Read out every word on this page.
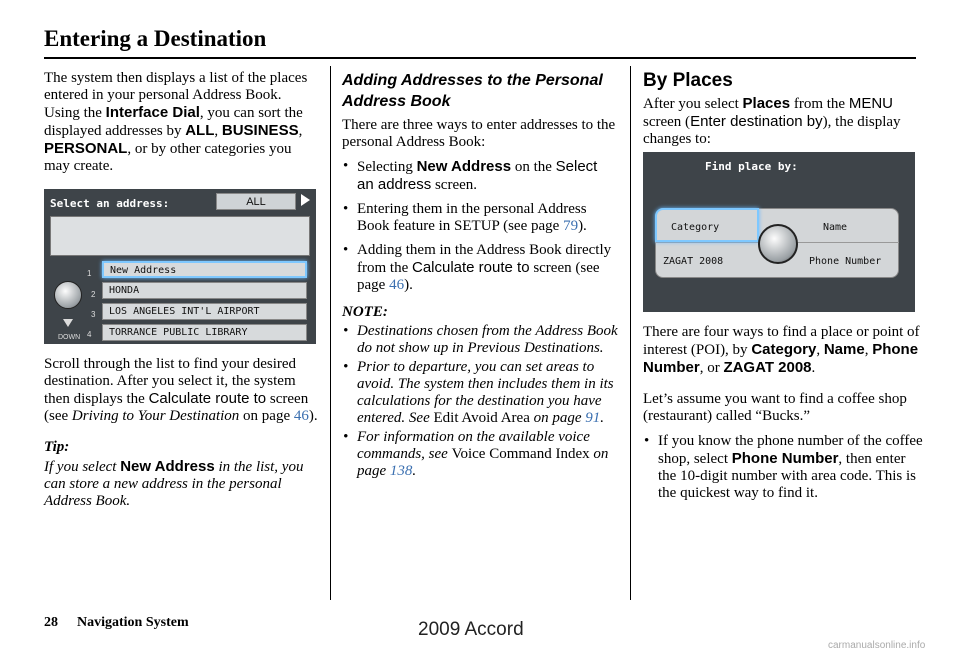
Entering a Destination

The system then displays a list of the places entered in your personal Address Book. Using the Interface Dial, you can sort the displayed addresses by ALL, BUSINESS, PERSONAL, or by other categories you may create.

Select an address:	ALL
1
2
3
4
DOWN
New Address
HONDA
LOS ANGELES INT'L AIRPORT
TORRANCE PUBLIC LIBRARY

Scroll through the list to find your desired destination. After you select it, the system then displays the Calculate route to screen (see Driving to Your Destination on page 46).

Tip:

If you select New Address in the list, you can store a new address in the personal Address Book.

Adding Addresses to the Personal Address Book

There are three ways to enter addresses to the personal Address Book:

• Selecting New Address on the Select an address screen.
• Entering them in the personal Address Book feature in SETUP (see page 79).
• Adding them in the Address Book directly from the Calculate route to screen (see page 46).
NOTE:
• Destinations chosen from the Address Book do not show up in Previous Destinations.
• Prior to departure, you can set areas to avoid. The system then includes them in its calculations for the destination you have entered. See Edit Avoid Area on page 91.
• For information on the available voice commands, see Voice Command Index on page 138.
By Places

After you select Places from the MENU screen (Enter destination by), the display changes to:

Find place by:
Category	Name
ZAGAT 2008	Phone Number

There are four ways to find a place or point of interest (POI), by Category, Name, Phone Number, or ZAGAT 2008.

Let’s assume you want to find a coffee shop (restaurant) called “Bucks.”

• If you know the phone number of the coffee shop, select Phone Number, then enter the 10-digit number with area code. This is the quickest way to find it.
28 Navigation System	2009 Accord
carmanualsonline.info
